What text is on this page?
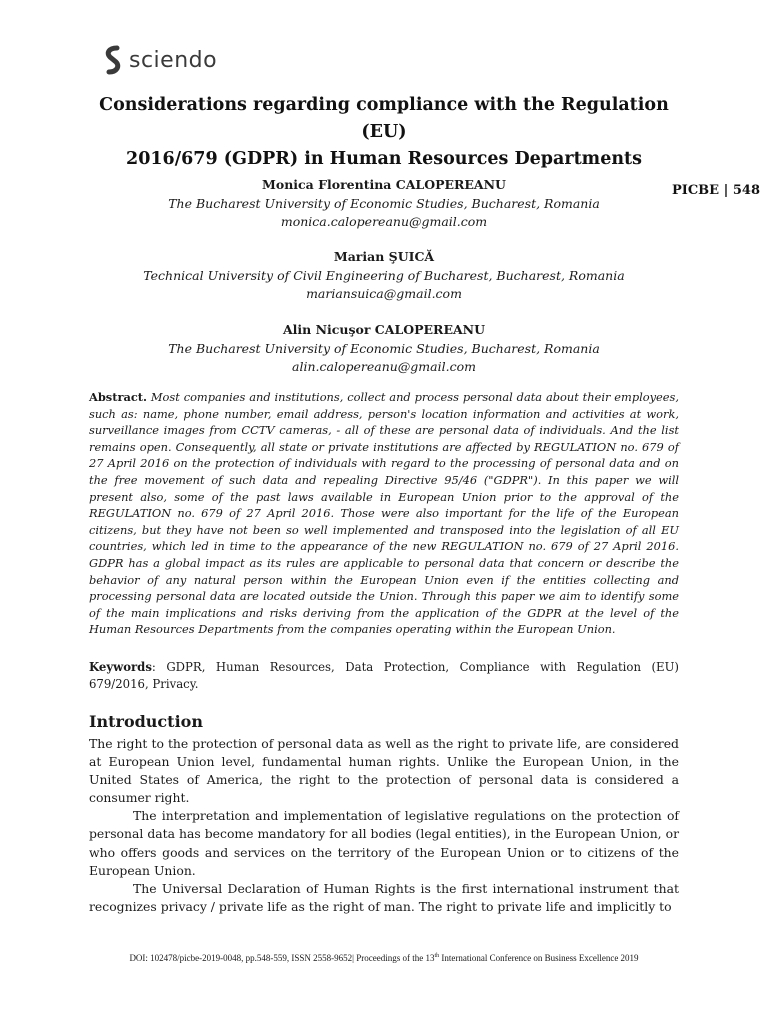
sciendo
Considerations regarding compliance with the Regulation (EU)
2016/679 (GDPR) in Human Resources Departments
PICBE | 548
Monica Florentina CALOPEREANU
The Bucharest University of Economic Studies, Bucharest, Romania
monica.calopereanu@gmail.com
Marian ŞUICĂ
Technical University of Civil Engineering of Bucharest, Bucharest, Romania
mariansuica@gmail.com
Alin Nicuşor CALOPEREANU
The Bucharest University of Economic Studies, Bucharest, Romania
alin.calopereanu@gmail.com
Abstract. Most companies and institutions, collect and process personal data about their employees, such as: name, phone number, email address, person's location information and activities at work, surveillance images from CCTV cameras, - all of these are personal data of individuals. And the list remains open. Consequently, all state or private institutions are affected by REGULATION no. 679 of 27 April 2016 on the protection of individuals with regard to the processing of personal data and on the free movement of such data and repealing Directive 95/46 ("GDPR"). In this paper we will present also, some of the past laws available in European Union prior to the approval of the REGULATION no. 679 of 27 April 2016. Those were also important for the life of the European citizens, but they have not been so well implemented and transposed into the legislation of all EU countries, which led in time to the appearance of the new REGULATION no. 679 of 27 April 2016. GDPR has a global impact as its rules are applicable to personal data that concern or describe the behavior of any natural person within the European Union even if the entities collecting and processing personal data are located outside the Union. Through this paper we aim to identify some of the main implications and risks deriving from the application of the GDPR at the level of the Human Resources Departments from the companies operating within the European Union.
Keywords: GDPR, Human Resources, Data Protection, Compliance with Regulation (EU) 679/2016, Privacy.
Introduction

The right to the protection of personal data as well as the right to private life, are considered at European Union level, fundamental human rights. Unlike the European Union, in the United States of America, the right to the protection of personal data is considered a consumer right.

The interpretation and implementation of legislative regulations on the protection of personal data has become mandatory for all bodies (legal entities), in the European Union, or who offers goods and services on the territory of the European Union or to citizens of the European Union.

The Universal Declaration of Human Rights is the first international instrument that recognizes privacy / private life as the right of man. The right to private life and implicitly to

DOI: 102478/picbe-2019-0048, pp.548-559, ISSN 2558-9652| Proceedings of the 13th International Conference on Business Excellence 2019
